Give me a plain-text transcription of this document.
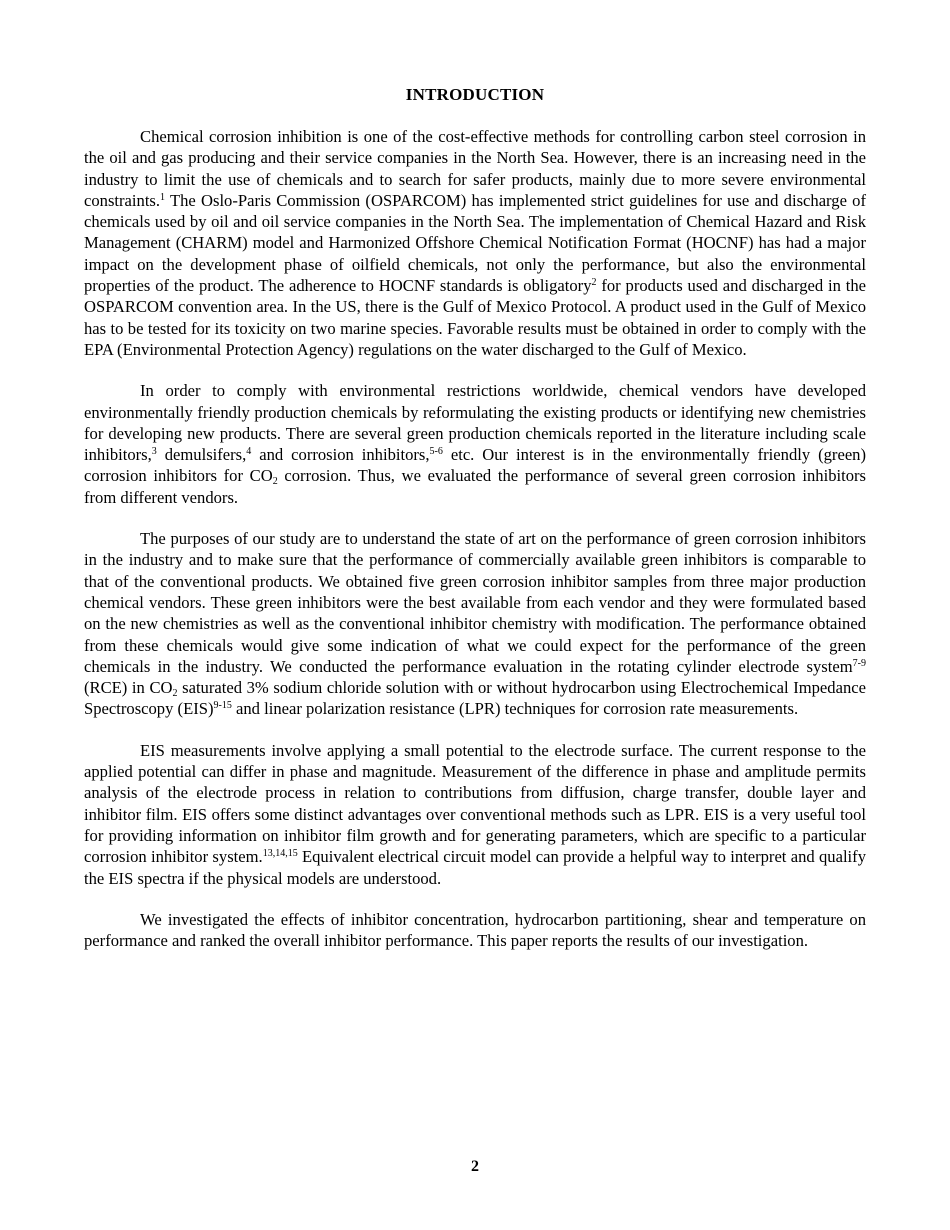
INTRODUCTION

Chemical corrosion inhibition is one of the cost-effective methods for controlling carbon steel corrosion in the oil and gas producing and their service companies in the North Sea. However, there is an increasing need in the industry to limit the use of chemicals and to search for safer products, mainly due to more severe environmental constraints.$^1$ The Oslo-Paris Commission (OSPARCOM) has implemented strict guidelines for use and discharge of chemicals used by oil and oil service companies in the North Sea. The implementation of Chemical Hazard and Risk Management (CHARM) model and Harmonized Offshore Chemical Notification Format (HOCNF) has had a major impact on the development phase of oilfield chemicals, not only the performance, but also the environmental properties of the product. The adherence to HOCNF standards is obligatory$^2$ for products used and discharged in the OSPARCOM convention area. In the US, there is the Gulf of Mexico Protocol. A product used in the Gulf of Mexico has to be tested for its toxicity on two marine species. Favorable results must be obtained in order to comply with the EPA (Environmental Protection Agency) regulations on the water discharged to the Gulf of Mexico.

In order to comply with environmental restrictions worldwide, chemical vendors have developed environmentally friendly production chemicals by reformulating the existing products or identifying new chemistries for developing new products. There are several green production chemicals reported in the literature including scale inhibitors,$^3$ demulsifers,$^4$ and corrosion inhibitors,$^{5-6}$ etc. Our interest is in the environmentally friendly (green) corrosion inhibitors for $CO_2$ corrosion. Thus, we evaluated the performance of several green corrosion inhibitors from different vendors.

The purposes of our study are to understand the state of art on the performance of green corrosion inhibitors in the industry and to make sure that the performance of commercially available green inhibitors is comparable to that of the conventional products. We obtained five green corrosion inhibitor samples from three major production chemical vendors. These green inhibitors were the best available from each vendor and they were formulated based on the new chemistries as well as the conventional inhibitor chemistry with modification. The performance obtained from these chemicals would give some indication of what we could expect for the performance of the green chemicals in the industry. We conducted the performance evaluation in the rotating cylinder electrode system$^{7-9}$ (RCE) in $CO_2$ saturated 3% sodium chloride solution with or without hydrocarbon using Electrochemical Impedance Spectroscopy (EIS)$^{9-15}$ and linear polarization resistance (LPR) techniques for corrosion rate measurements.

EIS measurements involve applying a small potential to the electrode surface. The current response to the applied potential can differ in phase and magnitude. Measurement of the difference in phase and amplitude permits analysis of the electrode process in relation to contributions from diffusion, charge transfer, double layer and inhibitor film. EIS offers some distinct advantages over conventional methods such as LPR. EIS is a very useful tool for providing information on inhibitor film growth and for generating parameters, which are specific to a particular corrosion inhibitor system.$^{13,14,15}$ Equivalent electrical circuit model can provide a helpful way to interpret and qualify the EIS spectra if the physical models are understood.

We investigated the effects of inhibitor concentration, hydrocarbon partitioning, shear and temperature on performance and ranked the overall inhibitor performance. This paper reports the results of our investigation.

2
